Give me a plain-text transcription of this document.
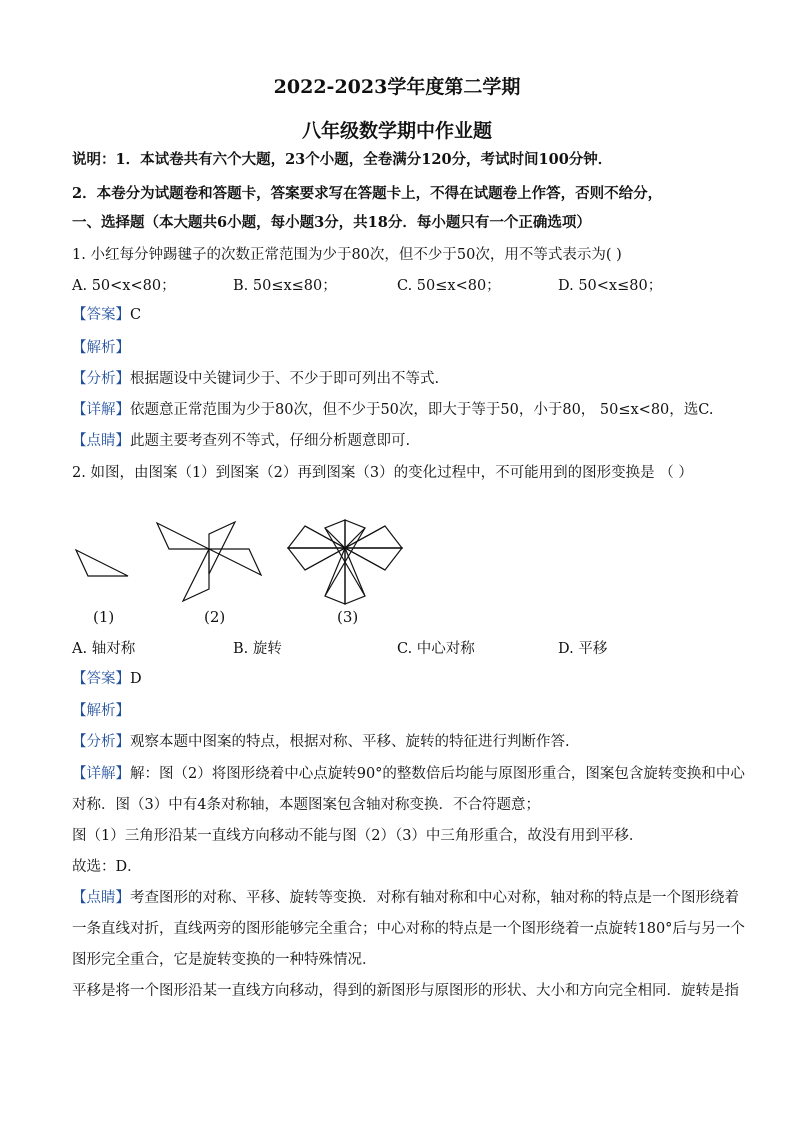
2022-2023学年度第二学期
八年级数学期中作业题
说明：1．本试卷共有六个大题，23个小题，全卷满分120分，考试时间100分钟．
2．本卷分为试题卷和答题卡，答案要求写在答题卡上，不得在试题卷上作答，否则不给分，
一、选择题（本大题共6小题，每小题3分，共18分．每小题只有一个正确选项）
1. 小红每分钟踢毽子的次数正常范围为少于80次，但不少于50次，用不等式表示为( )
A. 50<x<80；	B. 50≤x≤80；	C. 50≤x<80；	D. 50<x≤80；
【答案】C
【解析】
【分析】根据题设中关键词少于、不少于即可列出不等式.
【详解】依题意正常范围为少于80次，但不少于50次，即大于等于50，小于80， 50≤x<80，选C.
【点睛】此题主要考查列不等式，仔细分析题意即可.
2. 如图，由图案（1）到图案（2）再到图案（3）的变化过程中，不可能用到的图形变换是 （ ）
(1)	(2)	(3)
A. 轴对称	B. 旋转	C. 中心对称	D. 平移
【答案】D
【解析】
【分析】观察本题中图案的特点，根据对称、平移、旋转的特征进行判断作答.
【详解】解：图（2）将图形绕着中心点旋转90°的整数倍后均能与原图形重合，图案包含旋转变换和中心
对称．图（3）中有4条对称轴，本题图案包含轴对称变换．不合符题意；
图（1）三角形沿某一直线方向移动不能与图（2）（3）中三角形重合，故没有用到平移．
故选：D．
【点睛】考查图形的对称、平移、旋转等变换．对称有轴对称和中心对称，轴对称的特点是一个图形绕着
一条直线对折，直线两旁的图形能够完全重合；中心对称的特点是一个图形绕着一点旋转180°后与另一个
图形完全重合，它是旋转变换的一种特殊情况．
平移是将一个图形沿某一直线方向移动，得到的新图形与原图形的形状、大小和方向完全相同．旋转是指
